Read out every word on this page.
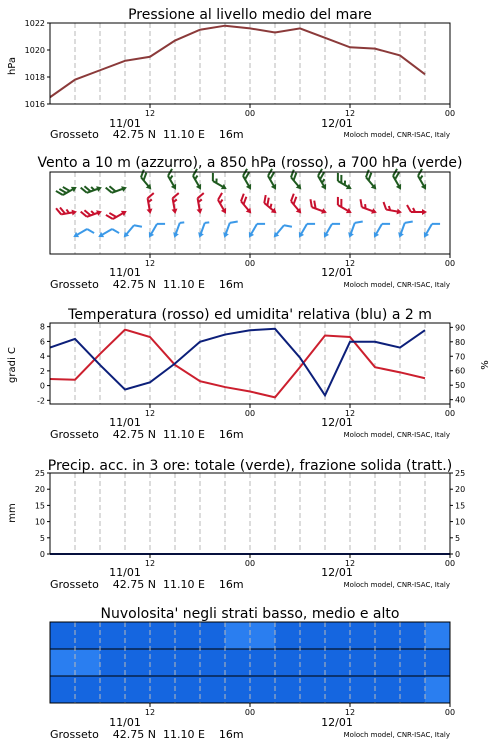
Pressione al livello medio del mare
hPa
1016
1018
1020
1022
12	00	12	00
11/01	12/01
Grosseto    42.75 N  11.10 E    16m	Moloch model, CNR-ISAC, Italy
Vento a 10 m (azzurro), a 850 hPa (rosso), a 700 hPa (verde)
12	00	12	00
11/01	12/01
Grosseto    42.75 N  11.10 E    16m	Moloch model, CNR-ISAC, Italy
Temperatura (rosso) ed umidita' relativa (blu) a 2 m
gradi C	%
-2
0
2
4
6
8
40
50
60
70
80
90
12	00	12	00
11/01	12/01
Grosseto    42.75 N  11.10 E    16m	Moloch model, CNR-ISAC, Italy
Precip. acc. in 3 ore: totale (verde), frazione solida (tratt.)
mm
0
5
10
15
20
25
0
5
10
15
20
25
12	00	12	00
11/01	12/01
Grosseto    42.75 N  11.10 E    16m	Moloch model, CNR-ISAC, Italy
Nuvolosita' negli strati basso, medio e alto
12	00	12	00
11/01	12/01
Grosseto    42.75 N  11.10 E    16m	Moloch model, CNR-ISAC, Italy
